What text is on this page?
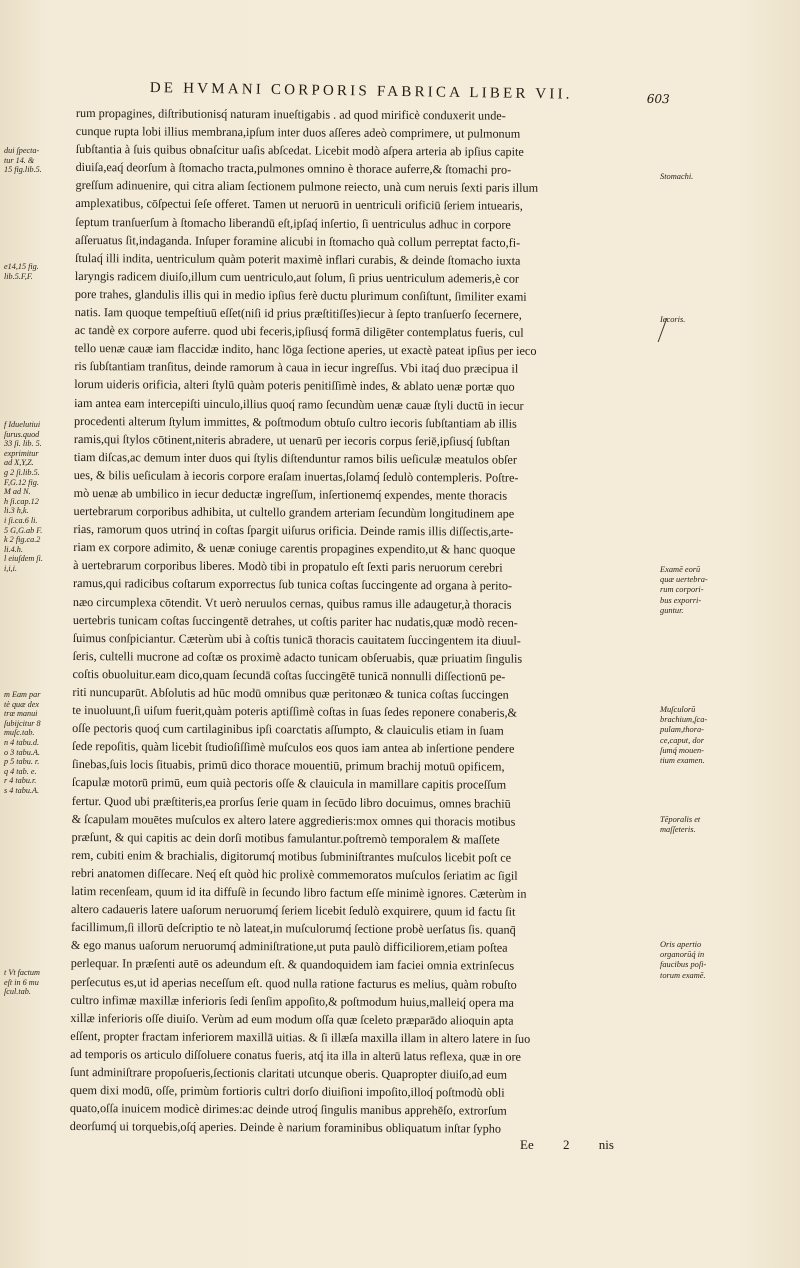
DE HVMANI CORPORIS FABRICA LIBER VII.	603
rum propagines, diſtributionisq́ naturam inueſtigabis . ad quod mirificè conduxerit unde-
cunque rupta lobi illius membrana,ipſum inter duos aſſeres adeò comprimere, ut pulmonum
ſubſtantia à ſuis quibus obnaſcitur uaſis abſcedat. Licebit modò aſpera arteria ab ipſius capite
diuiſa,eaq́ deorſum à ſtomacho tracta,pulmones omnino è thorace auferre,& ſtomachi pro-
greſſum adinuenire, qui citra aliam ſectionem pulmone reiecto, unà cum neruis ſexti paris illum
amplexatibus, cōſpectui ſeſe offeret. Tamen ut neruorū in uentriculi orificiū ſeriem intuearis,
ſeptum tranſuerſum à ſtomacho liberandū eſt,ipſaq́ inſertio, ſi uentriculus adhuc in corpore
aſſeruatus ſit,indaganda. Inſuper foramine alicubi in ſtomacho quà collum perreptat facto,fi-
ſtulaq́ illi indita, uentriculum quàm poterit maximè inflari curabis, & deinde ſtomacho iuxta
laryngis radicem diuiſo,illum cum uentriculo,aut ſolum, ſi prius uentriculum ademeris,è cor
pore trahes, glandulis illis qui in medio ipſius ferè ductu plurimum conſiſtunt, ſimiliter exami
natis. Iam quoque tempeſtiuū eſſet(niſi id prius præſtitiſſes)iecur à ſepto tranſuerſo ſecernere,
ac tandè ex corpore auferre. quod ubi feceris,ipſiusq́ formā diligēter contemplatus fueris, cul
tello uenæ cauæ iam flaccidæ indito, hanc lōga ſectione aperies, ut exactè pateat ipſius per ieco
ris ſubſtantiam tranſitus, deinde ramorum à caua in iecur ingreſſus. Vbi itaq́ duo præcipua il
lorum uideris orificia, alteri ſtylū quàm poteris penitiſſimè indes, & ablato uenæ portæ quo
iam antea eam intercepiſti uinculo,illius quoq́ ramo ſecundùm uenæ cauæ ſtyli ductū in iecur
procedenti alterum ſtylum immittes, & poſtmodum obtuſo cultro iecoris ſubſtantiam ab illis
ramis,qui ſtylos cōtinent,niteris abradere, ut uenarū per iecoris corpus ſeriē,ipſiusq́ ſubſtan
tiam diſcas,ac demum inter duos qui ſtylis diſtenduntur ramos bilis ueſiculæ meatulos obſer
ues, & bilis ueſiculam à iecoris corpore eraſam inuertas,ſolamq́ ſedulò contempleris. Poſtre-
mò uenæ ab umbilico in iecur deductæ ingreſſum, inſertionemq́ expendes, mente thoracis
uertebrarum corporibus adhibita, ut cultello grandem arteriam ſecundùm longitudinem ape
rias, ramorum quos utrinq́ in coſtas ſpargit uiſurus orificia. Deinde ramis illis diſſectis,arte-
riam ex corpore adimito, & uenæ coniuge carentis propagines expendito,ut & hanc quoque
à uertebrarum corporibus liberes. Modò tibi in propatulo eſt ſexti paris neruorum cerebri
ramus,qui radicibus coſtarum exporrectus ſub tunica coſtas ſuccingente ad organa à perito-
næo circumplexa cōtendit. Vt uerò neruulos cernas, quibus ramus ille adaugetur,à thoracis
uertebris tunicam coſtas ſuccingentē detrahes, ut coſtis pariter hac nudatis,quæ modò recen-
ſuimus conſpiciantur. Cæterùm ubi à coſtis tunicā thoracis cauitatem ſuccingentem ita diuul-
ſeris, cultelli mucrone ad coſtæ os proximè adacto tunicam obſeruabis, quæ priuatim ſingulis
coſtis obuoluitur.eam dico,quam ſecundā coſtas ſuccingētē tunicā nonnulli diſſectionū pe-
riti nuncuparūt. Abſolutis ad hūc modū omnibus quæ peritonæo & tunica coſtas ſuccingen
te inuoluunt,ſi uiſum fuerit,quàm poteris aptiſſimè coſtas in ſuas ſedes reponere conaberis,&
oſſe pectoris quoq́ cum cartilaginibus ipſi coarctatis aſſumpto, & clauiculis etiam in ſuam
ſede repoſitis, quàm licebit ſtudioſiſſimè muſculos eos quos iam antea ab inſertione pendere
ſinebas,ſuis locis ſituabis, primū dico thorace mouentiū, primum brachij motuū opificem,
ſcapulæ motorū primū, eum quià pectoris oſſe & clauicula in mamillare capitis proceſſum
fertur. Quod ubi præſtiteris,ea prorſus ſerie quam in ſecūdo libro docuimus, omnes brachiū
& ſcapulam mouētes muſculos ex altero latere aggredieris:mox omnes qui thoracis motibus
præſunt, & qui capitis ac dein dorſi motibus famulantur.poſtremò temporalem & maſſete
rem, cubiti enim & brachialis, digitorumq́ motibus ſubminiſtrantes muſculos licebit poſt ce
rebri anatomen diſſecare. Neq́ eſt quòd hic prolixè commemoratos muſculos ſeriatim ac ſigil
latim recenſeam, quum id ita diffuſè in ſecundo libro factum eſſe minimè ignores. Cæterùm in
altero cadaueris latere uaſorum neruorumq́ ſeriem licebit ſedulò exquirere, quum id factu ſit
facillimum,ſi illorū deſcriptio te nò lateat,in muſculorumq́ ſectione probè uerſatus ſis. quanq̄
& ego manus uaſorum neruorumq́ adminiſtratione,ut puta paulò difficiliorem,etiam poſtea
perlequar. In præſenti autē os adeundum eſt. & quandoquidem iam faciei omnia extrinſecus
perſecutus es,ut id aperias neceſſum eſt. quod nulla ratione facturus es melius, quàm robuſto
cultro infimæ maxillæ inferioris ſedi ſenſim appoſito,& poſtmodum huius,malleiq́ opera ma
xillæ inferioris oſſe diuiſo. Verùm ad eum modum oſſa quæ ſceleto præparādo alioquin apta
eſſent, propter fractam inferiorem maxillā uitias. & ſi illæſa maxilla illam in altero latere in ſuo
ad temporis os articulo diſſoluere conatus fueris, atq́ ita illa in alterū latus reflexa, quæ in ore
ſunt adminiſtrare propoſueris,ſectionis claritati utcunque oberis. Quapropter diuiſo,ad eum
quem dixi modū, oſſe, primùm fortioris cultri dorſo diuiſioni impoſito,illoq́ poſtmodù obli
quato,oſſa inuicem modicè dirimes:ac deinde utroq́ ſingulis manibus apprehēſo, extrorſum
deorſumq́ ui torquebis,oſq́ aperies. Deinde è narium foraminibus obliquatum inſtar ſypho
dui ſpecta-
tur 14. &
15 fig.lib.5.
e14,15 fig.
lib.5.F,F.
f Iduelutiui
ſurus.quod
33 ſi. lib. 5.
exprimitur
ad X,Y,Z.
g 2 ſi.lib.5.
F,G.12 fig.
M ad N.
h ſi.cap.12
li.3 h,k.
i ſi.ca.6 li.
5 G,G.ab F.
k 2 fig.ca.2
li.4.h.
l eiuſdem ſi.
i,i,i.
m Eam par
tè quæ dex
træ manui
ſubijcitur 8
muſc.tab.
n 4 tabu.d.
o 3 tabu.A.
p 5 tabu. r.
q 4 tab. e.
r 4 tabu.r.
s 4 tabu.A.
t Vt factum
eſt in 6 mu
ſcul.tab.
Stomachi.
Iecoris.
Examē eorū
quæ uertebra-
rum corpori-
bus exporri-
guntur.
Muſculorū
brachium,ſca-
pulam,thora-
ce,caput, dor
ſumq́ mouen-
tium examen.
Tēporalis et
maſſeteris.
Oris apertio
organorūq́ in
faucibus poſi-
torum examē.
Ee 2 nis
